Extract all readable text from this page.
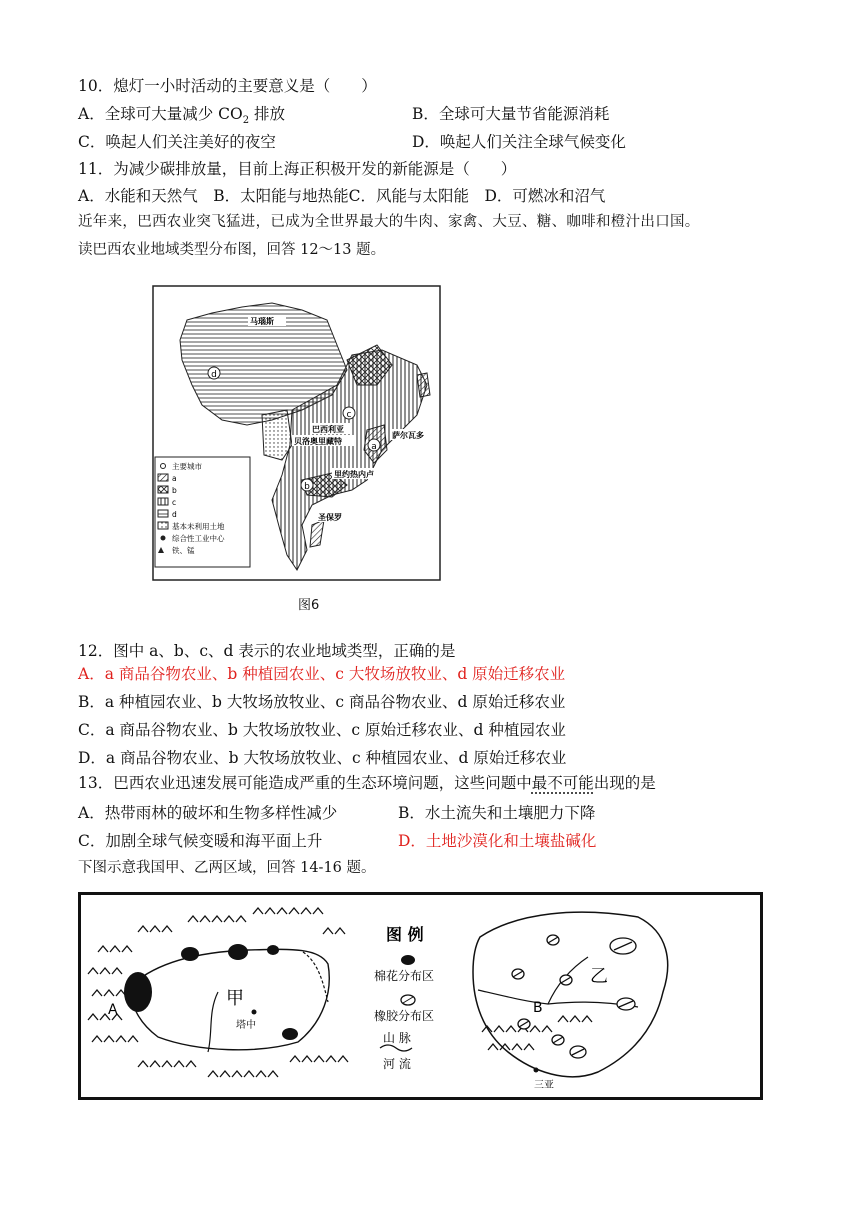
10．熄灯一小时活动的主要意义是（　　）
A．全球可大量减少 $CO_2$ 排放	B．全球可大量节省能源消耗
C．唤起人们关注美好的夜空	D．唤起人们关注全球气候变化
11．为减少碳排放量，目前上海正积极开发的新能源是（　　）
A．水能和天然气　B．太阳能与地热能C．风能与太阳能　D．可燃冰和沼气
近年来，巴西农业突飞猛进，已成为全世界最大的牛肉、家禽、大豆、糖、咖啡和橙汁出口国。
读巴西农业地域类型分布图，回答 12～13 题。
d
c
b
a
马瑙斯
巴西利亚
贝洛奥里藏特
萨尔瓦多
里约热内卢
圣保罗
主要城市
a
b
c
d
基本未利用土地
综合性工业中心
铁、锰
图6
12．图中 a、b、c、d 表示的农业地域类型，正确的是
A．a 商品谷物农业、b 种植园农业、c 大牧场放牧业、d 原始迁移农业
B．a 种植园农业、b 大牧场放牧业、c 商品谷物农业、d 原始迁移农业
C．a 商品谷物农业、b 大牧场放牧业、c 原始迁移农业、d 种植园农业
D．a 商品谷物农业、b 大牧场放牧业、c 种植园农业、d 原始迁移农业
13．巴西农业迅速发展可能造成严重的生态环境问题，这些问题中最不可能出现的是
A．热带雨林的破坏和生物多样性减少	B．水土流失和土壤肥力下降
C．加剧全球气候变暖和海平面上升	D．土地沙漠化和土壤盐碱化
下图示意我国甲、乙两区域，回答 14-16 题。
甲
塔中
A
图 例
棉花分布区
橡胶分布区
山 脉
河 流
乙
B
三亚
